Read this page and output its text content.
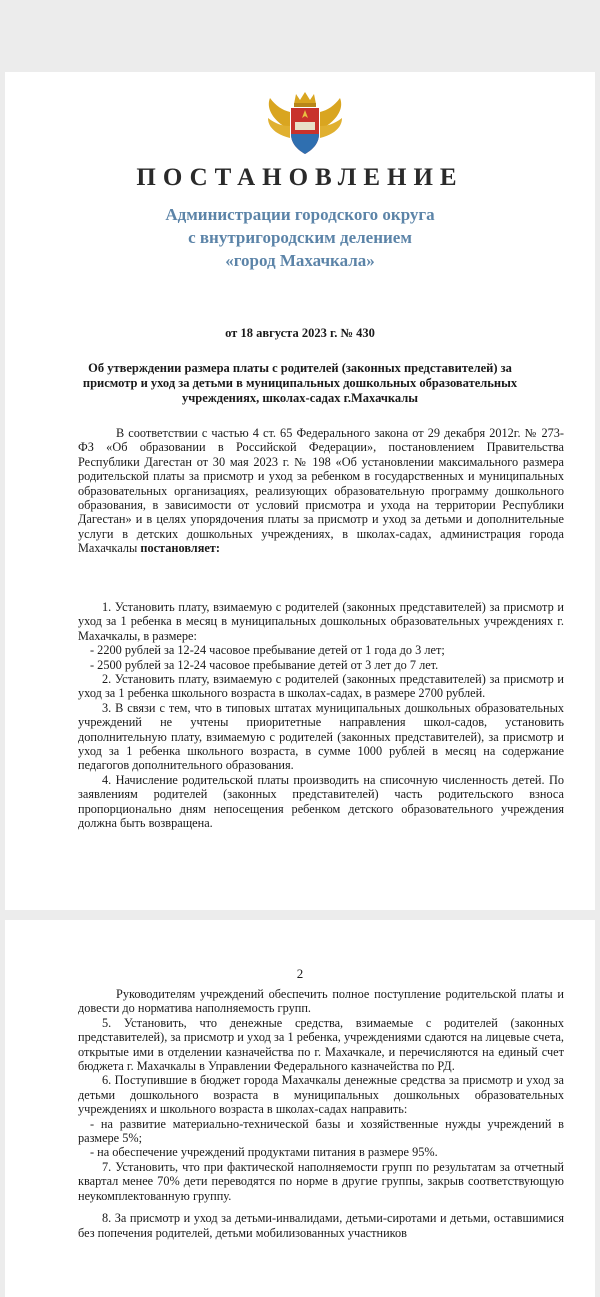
ПОСТАНОВЛЕНИЕ
Администрации городского округа
с внутригородским делением
«город Махачкала»
от 18 августа 2023 г. № 430
Об утверждении размера платы с родителей (законных представителей) за присмотр и уход за детьми в муниципальных дошкольных образовательных учреждениях, школах-садах г.Махачкалы

В соответствии с частью 4 ст. 65 Федерального закона от 29 декабря 2012г. № 273-ФЗ «Об образовании в Российской Федерации», постановлением Правительства Республики Дагестан от 30 мая 2023 г. № 198 «Об установлении максимального размера родительской платы за присмотр и уход за ребенком в государственных и муниципальных образовательных организациях, реализующих образовательную программу дошкольного образования, в зависимости от условий присмотра и ухода на территории Республики Дагестан» и в целях упорядочения платы за присмотр и уход за детьми и дополнительные услуги в детских дошкольных учреждениях, в школах-садах, администрация города Махачкалы постановляет:

1. Установить плату, взимаемую с родителей (законных представителей) за присмотр и уход за 1 ребенка в месяц в муниципальных дошкольных образовательных учреждениях г. Махачкалы, в размере:

- 2200 рублей за 12-24 часовое пребывание детей от 1 года до 3 лет;

- 2500 рублей за 12-24 часовое пребывание детей от 3 лет до 7 лет.

2. Установить плату, взимаемую с родителей (законных представителей) за присмотр и уход за 1 ребенка школьного возраста в школах-садах, в размере 2700 рублей.

3. В связи с тем, что в типовых штатах муниципальных дошкольных образовательных учреждений не учтены приоритетные направления школ-садов, установить дополнительную плату, взимаемую с родителей (законных представителей), за присмотр и уход за 1 ребенка школьного возраста, в сумме 1000 рублей в месяц на содержание педагогов дополнительного образования.

4. Начисление родительской платы производить на списочную численность детей. По заявлениям родителей (законных представителей) часть родительского взноса пропорционально дням непосещения ребенком детского образовательного учреждения должна быть возвращена.

2

Руководителям учреждений обеспечить полное поступление родительской платы и довести до норматива наполняемость групп.

5. Установить, что денежные средства, взимаемые с родителей (законных представителей), за присмотр и уход за 1 ребенка, учреждениями сдаются на лицевые счета, открытые ими в отделении казначейства по г. Махачкале, и перечисляются на единый счет бюджета г. Махачкалы в Управлении Федерального казначейства по РД.

6. Поступившие в бюджет города Махачкалы денежные средства за присмотр и уход за детьми дошкольного возраста в муниципальных дошкольных образовательных учреждениях и школьного возраста в школах-садах направить:

- на развитие материально-технической базы и хозяйственные нужды учреждений в размере 5%;

- на обеспечение учреждений продуктами питания в размере 95%.

7. Установить, что при фактической наполняемости групп по результатам за отчетный квартал менее 70% дети переводятся по норме в другие группы, закрыв соответствующую неукомплектованную группу.

8. За присмотр и уход за детьми-инвалидами, детьми-сиротами и детьми, оставшимися без попечения родителей, детьми мобилизованных участников
